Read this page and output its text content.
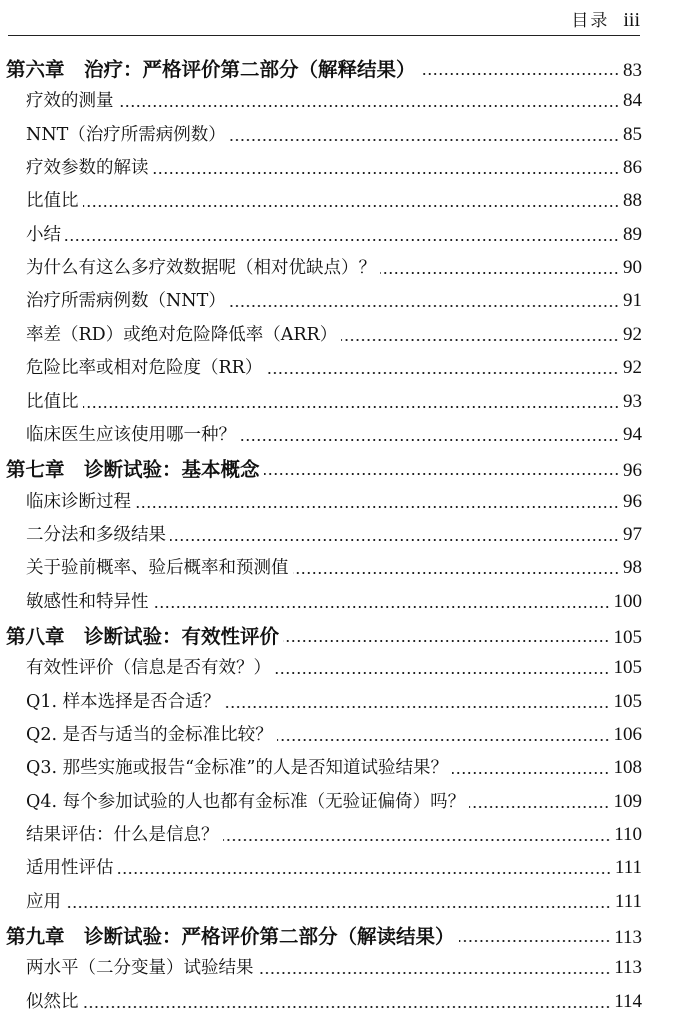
目录 iii
第六章　治疗：严格评价第二部分（解释结果）	83
疗效的测量	84
NNT（治疗所需病例数）	85
疗效参数的解读	86
比值比	88
小结	89
为什么有这么多疗效数据呢（相对优缺点）？	90
治疗所需病例数（NNT）	91
率差（RD）或绝对危险降低率（ARR）	92
危险比率或相对危险度（RR）	92
比值比	93
临床医生应该使用哪一种？	94
第七章　诊断试验：基本概念	96
临床诊断过程	96
二分法和多级结果	97
关于验前概率、验后概率和预测值	98
敏感性和特异性	100
第八章　诊断试验：有效性评价	105
有效性评价（信息是否有效？）	105
Q1. 样本选择是否合适？	105
Q2. 是否与适当的金标准比较？	106
Q3. 那些实施或报告“金标准”的人是否知道试验结果？	108
Q4. 每个参加试验的人也都有金标准（无验证偏倚）吗？	109
结果评估：什么是信息？	110
适用性评估	111
应用	111
第九章　诊断试验：严格评价第二部分（解读结果）	113
两水平（二分变量）试验结果	113
似然比	114
